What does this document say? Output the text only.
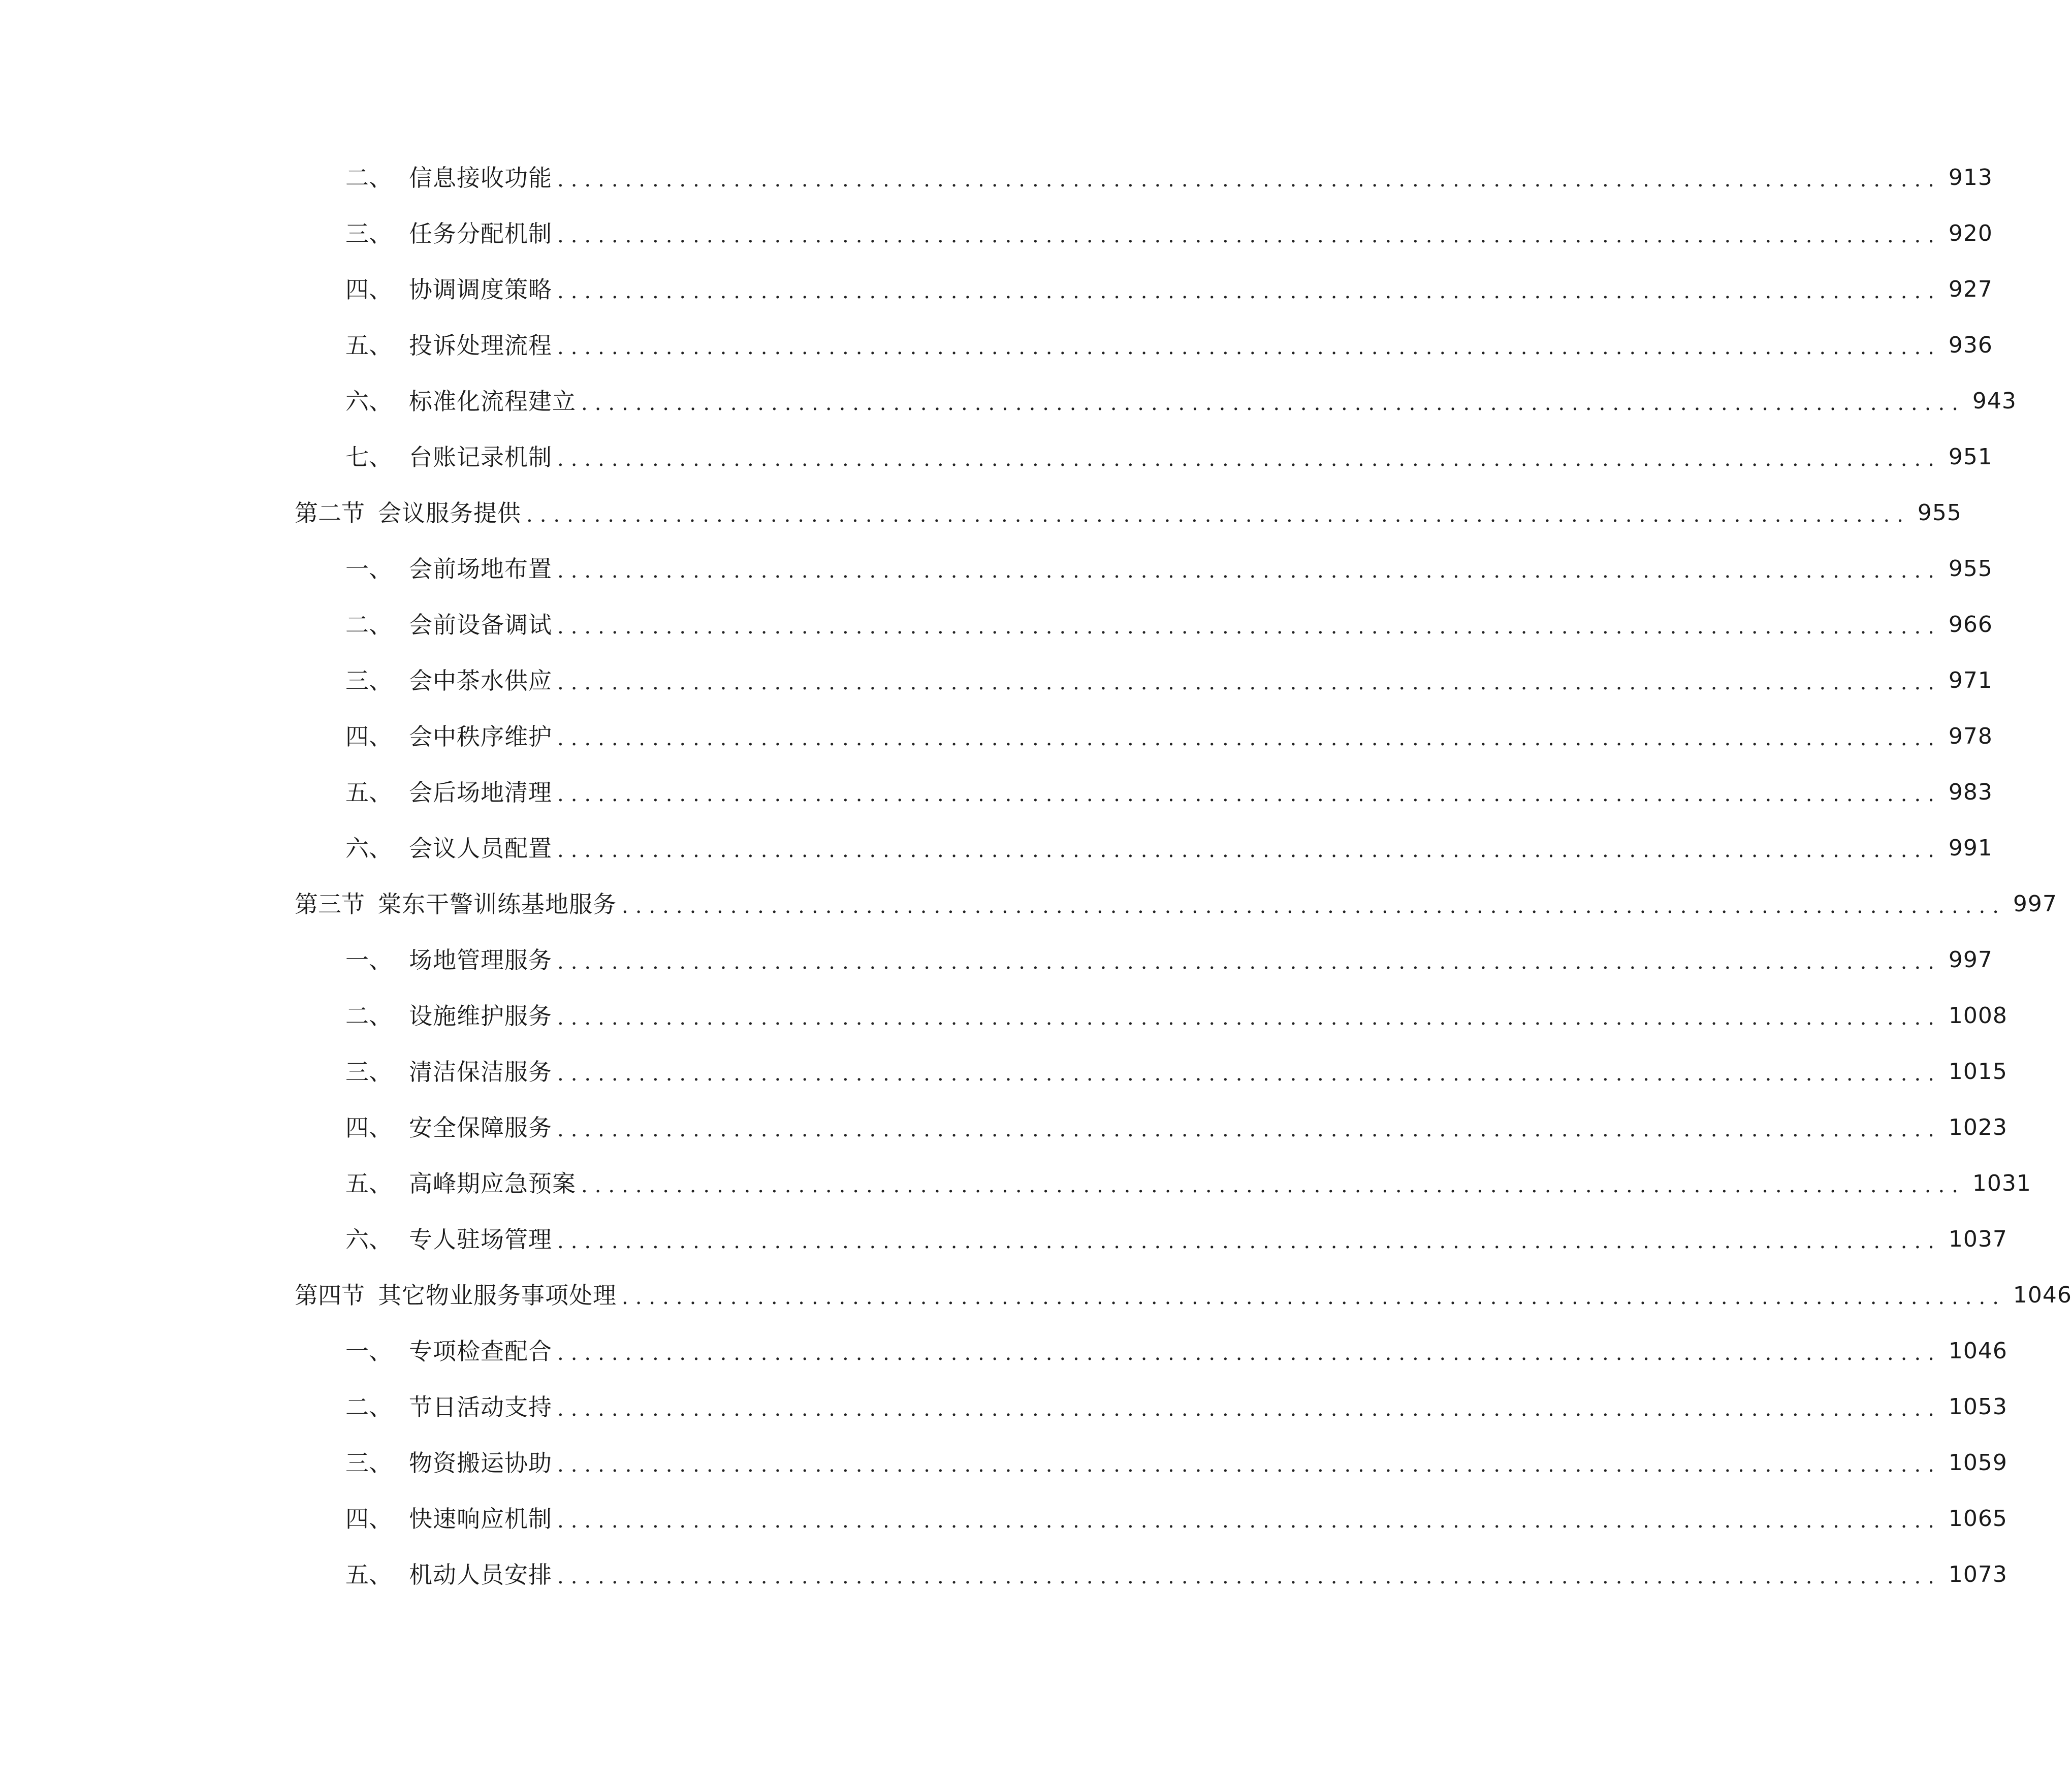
二、 信息接收功能 ...................................................................................................... 913
三、 任务分配机制 ...................................................................................................... 920
四、 协调调度策略 ...................................................................................................... 927
五、 投诉处理流程 ...................................................................................................... 936
六、 标准化流程建立 ...................................................................................................... 943
七、 台账记录机制 ...................................................................................................... 951
第二节 会议服务提供 ...................................................................................................... 955
一、 会前场地布置 ...................................................................................................... 955
二、 会前设备调试 ...................................................................................................... 966
三、 会中茶水供应 ...................................................................................................... 971
四、 会中秩序维护 ...................................................................................................... 978
五、 会后场地清理 ...................................................................................................... 983
六、 会议人员配置 ...................................................................................................... 991
第三节 棠东干警训练基地服务 ...................................................................................................... 997
一、 场地管理服务 ...................................................................................................... 997
二、 设施维护服务 ...................................................................................................... 1008
三、 清洁保洁服务 ...................................................................................................... 1015
四、 安全保障服务 ...................................................................................................... 1023
五、 高峰期应急预案 ...................................................................................................... 1031
六、 专人驻场管理 ...................................................................................................... 1037
第四节 其它物业服务事项处理 ...................................................................................................... 1046
一、 专项检查配合 ...................................................................................................... 1046
二、 节日活动支持 ...................................................................................................... 1053
三、 物资搬运协助 ...................................................................................................... 1059
四、 快速响应机制 ...................................................................................................... 1065
五、 机动人员安排 ...................................................................................................... 1073
